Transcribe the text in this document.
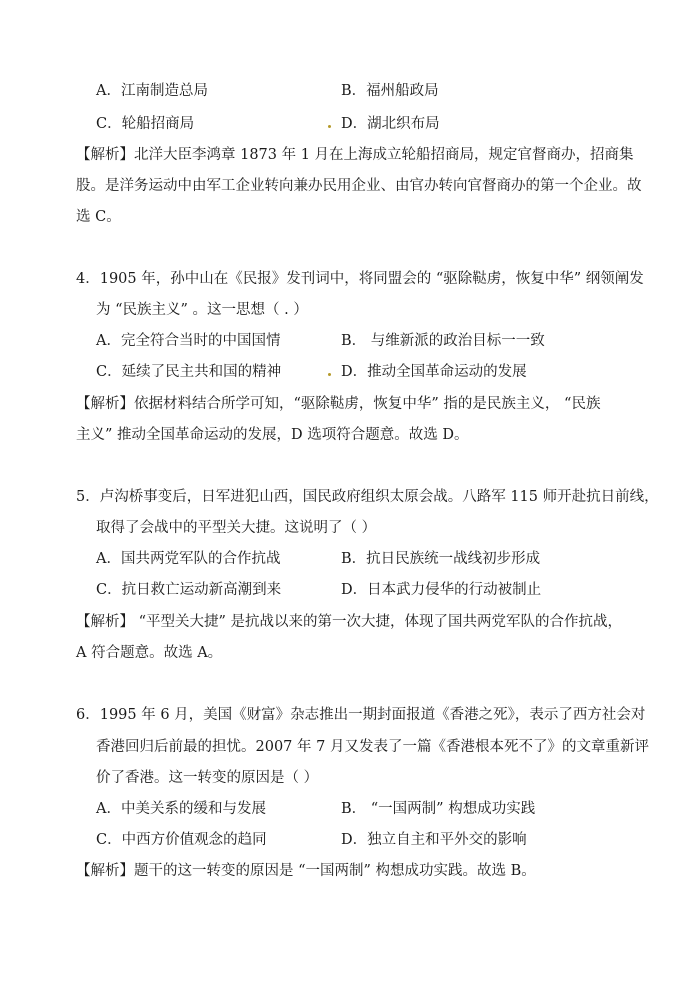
A．江南制造总局	B．福州船政局
C．轮船招商局	D．湖北织布局
【解析】北洋大臣李鸿章 1873 年 1 月在上海成立轮船招商局，规定官督商办，招商集
股。是洋务运动中由军工企业转向兼办民用企业、由官办转向官督商办的第一个企业。故
选 C。
4．1905 年，孙中山在《民报》发刊词中，将同盟会的 “驱除鞑虏，恢复中华” 纲领阐发
为 “民族主义” 。这一思想（ . ）
A．完全符合当时的中国国情	B． 与维新派的政治目标一一致
C．延续了民主共和国的精神	D．推动全国革命运动的发展
【解析】依据材料结合所学可知，“驱除鞑虏，恢复中华” 指的是民族主义， “民族
主义” 推动全国革命运动的发展，D 选项符合题意。故选 D。
5．卢沟桥事变后，日军进犯山西，国民政府组织太原会战。八路军 115 师开赴抗日前线，
取得了会战中的平型关大捷。这说明了（ ）
A．国共两党军队的合作抗战	B．抗日民族统一战线初步形成
C．抗日救亡运动新高潮到来	D．日本武力侵华的行动被制止
【解析】 “平型关大捷” 是抗战以来的第一次大捷，体现了国共两党军队的合作抗战，
A 符合题意。故选 A。
6．1995 年 6 月，美国《财富》杂志推出一期封面报道《香港之死》，表示了西方社会对
香港回归后前最的担忧。2007 年 7 月又发表了一篇《香港根本死不了》的文章重新评
价了香港。这一转变的原因是（ ）
A．中美关系的缓和与发展	B． “一国两制” 构想成功实践
C．中西方价值观念的趋同	D．独立自主和平外交的影响
【解析】题干的这一转变的原因是 “一国两制” 构想成功实践。故选 B。
